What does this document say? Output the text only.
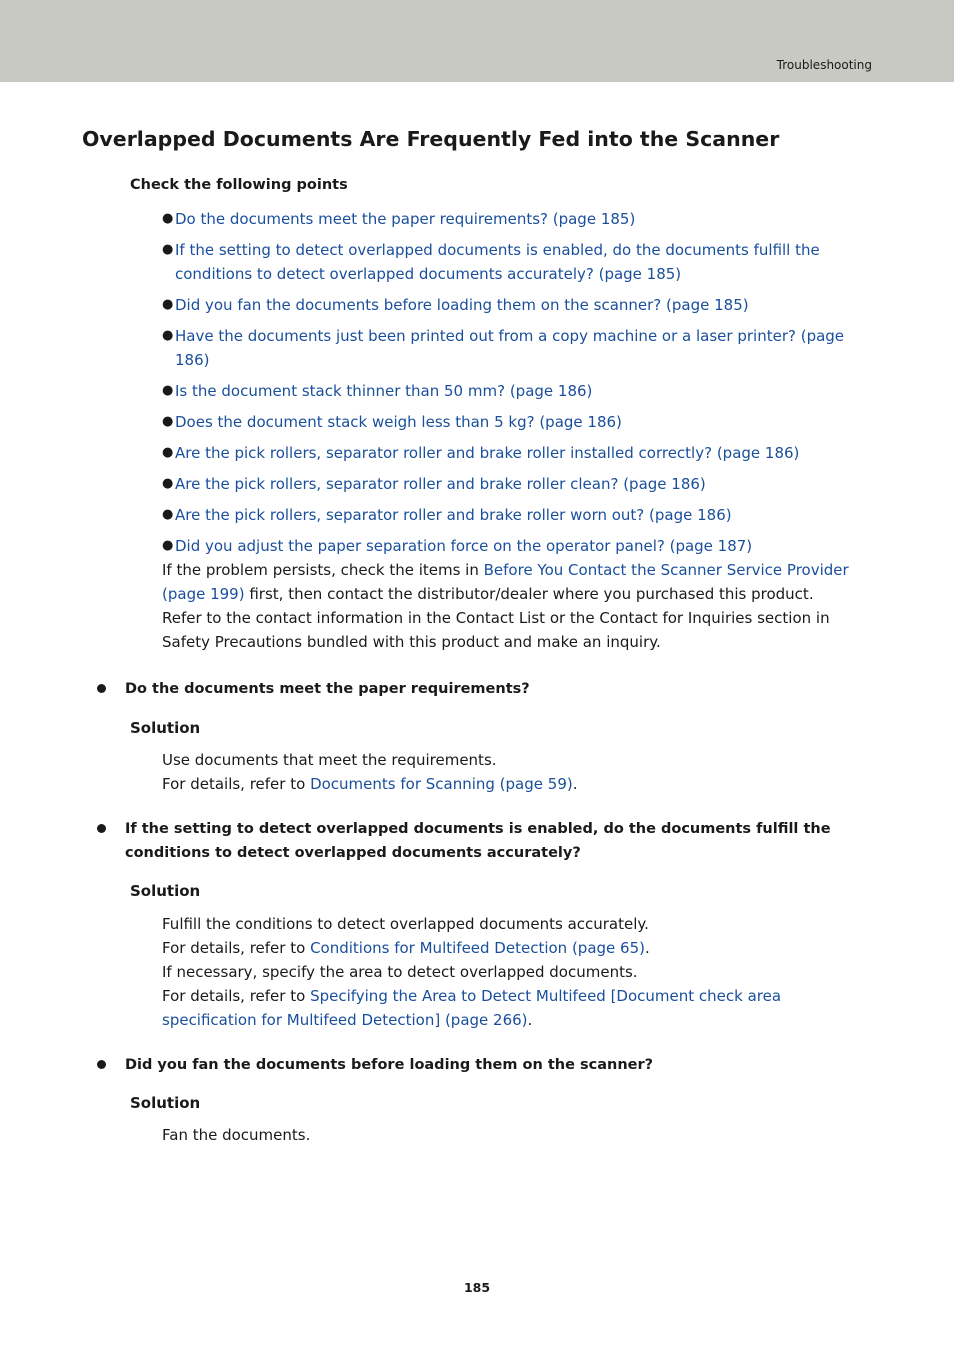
Troubleshooting
Overlapped Documents Are Frequently Fed into the Scanner
Check the following points
● Do the documents meet the paper requirements? (page 185)
● If the setting to detect overlapped documents is enabled, do the documents fulfill the conditions to detect overlapped documents accurately? (page 185)
● Did you fan the documents before loading them on the scanner? (page 185)
● Have the documents just been printed out from a copy machine or a laser printer? (page 186)
● Is the document stack thinner than 50 mm? (page 186)
● Does the document stack weigh less than 5 kg? (page 186)
● Are the pick rollers, separator roller and brake roller installed correctly? (page 186)
● Are the pick rollers, separator roller and brake roller clean? (page 186)
● Are the pick rollers, separator roller and brake roller worn out? (page 186)
● Did you adjust the paper separation force on the operator panel? (page 187)
If the problem persists, check the items in Before You Contact the Scanner Service Provider (page 199) first, then contact the distributor/dealer where you purchased this product. Refer to the contact information in the Contact List or the Contact for Inquiries section in Safety Precautions bundled with this product and make an inquiry.
Do the documents meet the paper requirements?
Solution
Use documents that meet the requirements.
For details, refer to Documents for Scanning (page 59).
If the setting to detect overlapped documents is enabled, do the documents fulfill the conditions to detect overlapped documents accurately?
Solution
Fulfill the conditions to detect overlapped documents accurately.
For details, refer to Conditions for Multifeed Detection (page 65).
If necessary, specify the area to detect overlapped documents.
For details, refer to Specifying the Area to Detect Multifeed [Document check area specification for Multifeed Detection] (page 266).
Did you fan the documents before loading them on the scanner?
Solution
Fan the documents.
185
